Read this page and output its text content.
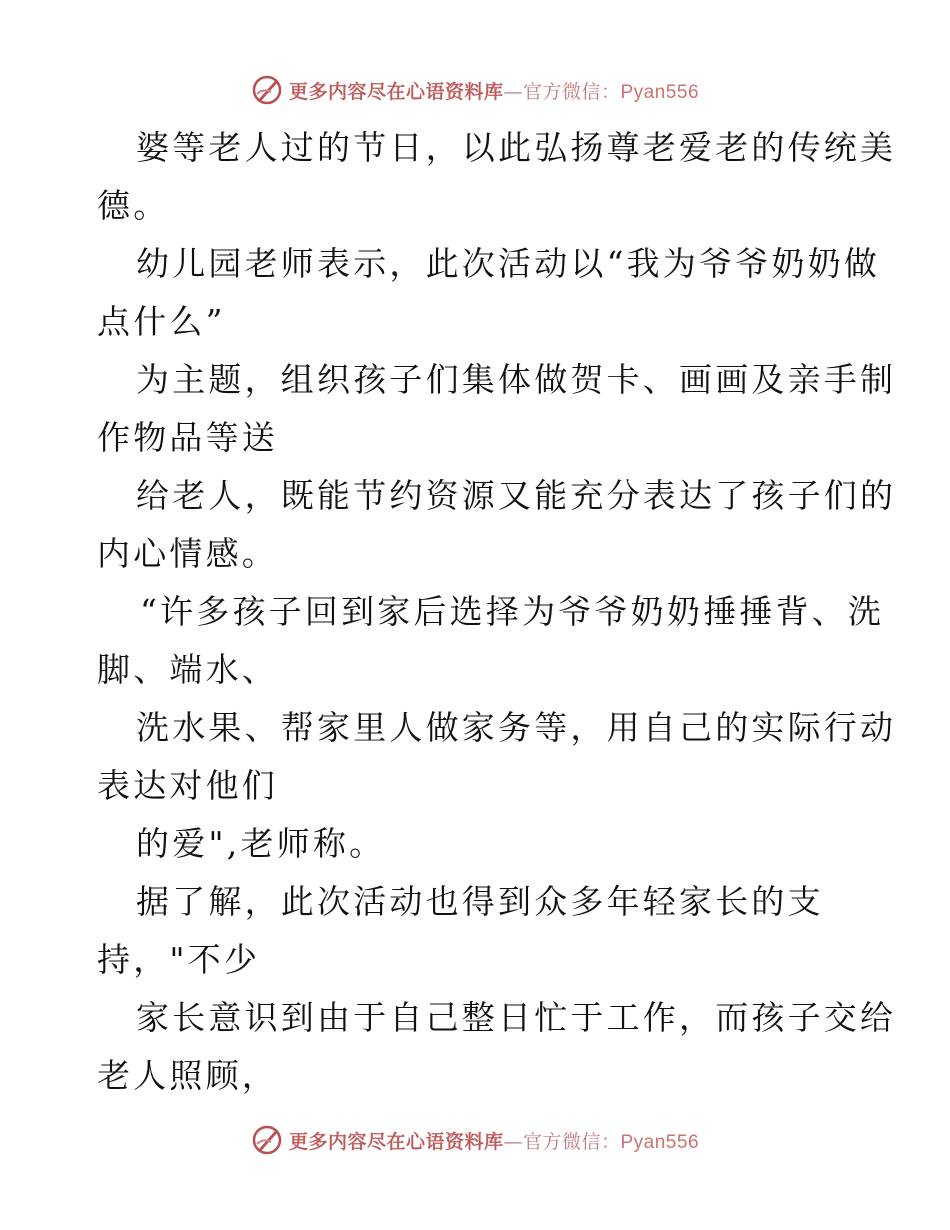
更多内容尽在心语资料库—官方微信：Pyan556
婆等老人过的节日，以此弘扬尊老爱老的传统美
德。
幼儿园老师表示，此次活动以“我为爷爷奶奶做
点什么”
为主题，组织孩子们集体做贺卡、画画及亲手制
作物品等送
给老人，既能节约资源又能充分表达了孩子们的
内心情感。
“许多孩子回到家后选择为爷爷奶奶捶捶背、洗
脚、端水、
洗水果、帮家里人做家务等，用自己的实际行动
表达对他们
的爱",老师称。
据了解，此次活动也得到众多年轻家长的支
持，"不少
家长意识到由于自己整日忙于工作，而孩子交给
老人照顾，
更多内容尽在心语资料库—官方微信：Pyan556
